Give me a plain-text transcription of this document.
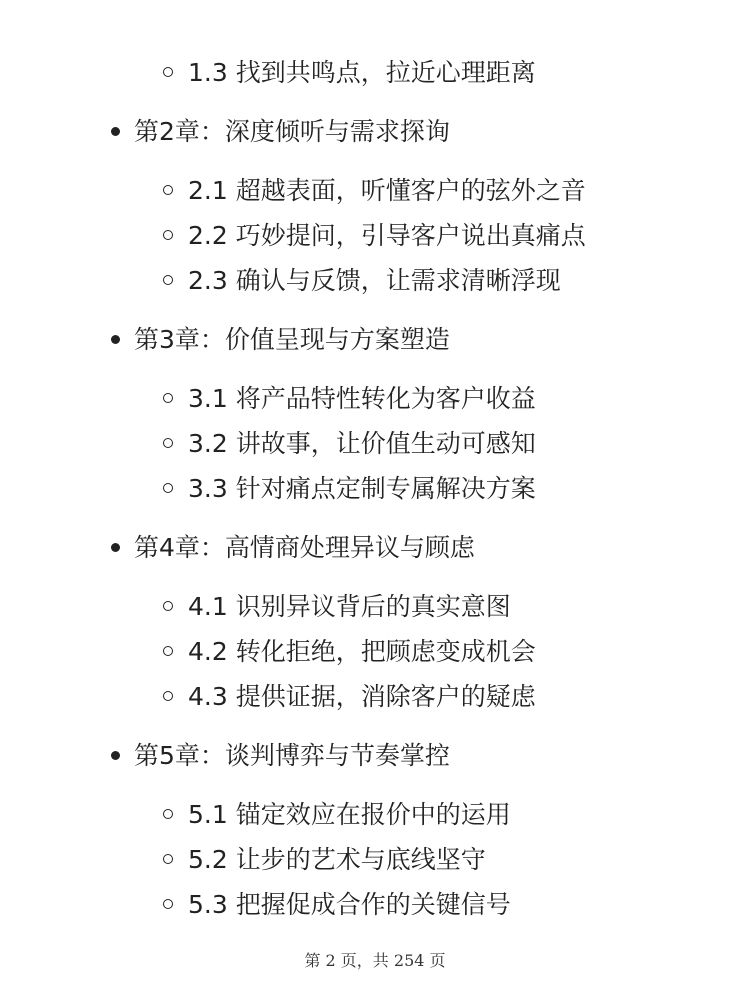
1.3 找到共鸣点，拉近心理距离
第2章：深度倾听与需求探询
2.1 超越表面，听懂客户的弦外之音
2.2 巧妙提问，引导客户说出真痛点
2.3 确认与反馈，让需求清晰浮现
第3章：价值呈现与方案塑造
3.1 将产品特性转化为客户收益
3.2 讲故事，让价值生动可感知
3.3 针对痛点定制专属解决方案
第4章：高情商处理异议与顾虑
4.1 识别异议背后的真实意图
4.2 转化拒绝，把顾虑变成机会
4.3 提供证据，消除客户的疑虑
第5章：谈判博弈与节奏掌控
5.1 锚定效应在报价中的运用
5.2 让步的艺术与底线坚守
5.3 把握促成合作的关键信号
第 2 页，共 254 页
